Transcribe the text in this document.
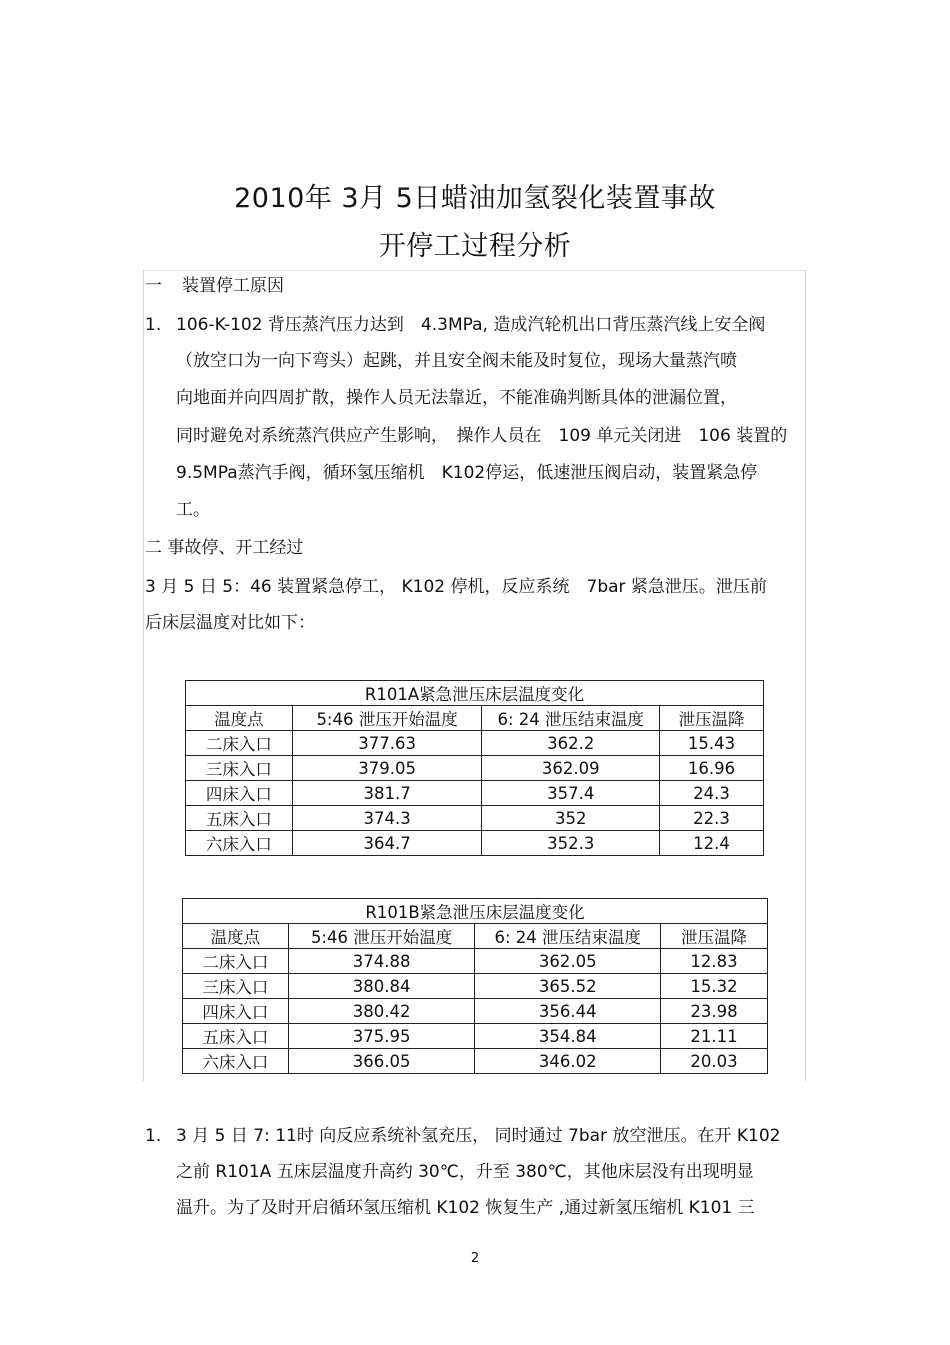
2010年 3月 5日蜡油加氢裂化装置事故
开停工过程分析
一 装置停工原因
1. 106-K-102 背压蒸汽压力达到　4.3MPa, 造成汽轮机出口背压蒸汽线上安全阀

（放空口为一向下弯头）起跳，并且安全阀未能及时复位，现场大量蒸汽喷

向地面并向四周扩散，操作人员无法靠近，不能准确判断具体的泄漏位置，

同时避免对系统蒸汽供应产生影响，　操作人员在　109 单元关闭进　106 装置的

9.5MPa蒸汽手阀，循环氢压缩机　K102停运，低速泄压阀启动，装置紧急停

工。

二 事故停、开工经过

3 月 5 日 5：46 装置紧急停工， K102 停机，反应系统　7bar 紧急泄压。泄压前

后床层温度对比如下：

R101A紧急泄压床层温度变化			
温度点	5:46 泄压开始温度	6: 24 泄压结束温度	泄压温降
二床入口	377.63	362.2	15.43
三床入口	379.05	362.09	16.96
四床入口	381.7	357.4	24.3
五床入口	374.3	352	22.3
六床入口	364.7	352.3	12.4
R101B紧急泄压床层温度变化			
温度点	5:46 泄压开始温度	6: 24 泄压结束温度	泄压温降
二床入口	374.88	362.05	12.83
三床入口	380.84	365.52	15.32
四床入口	380.42	356.44	23.98
五床入口	375.95	354.84	21.11
六床入口	366.05	346.02	20.03
1. 3 月 5 日 7: 11时 向反应系统补氢充压， 同时通过 7bar 放空泄压。在开 K102

之前 R101A 五床层温度升高约 30℃，升至 380℃，其他床层没有出现明显

温升。为了及时开启循环氢压缩机 K102 恢复生产 ,通过新氢压缩机 K101 三

2
